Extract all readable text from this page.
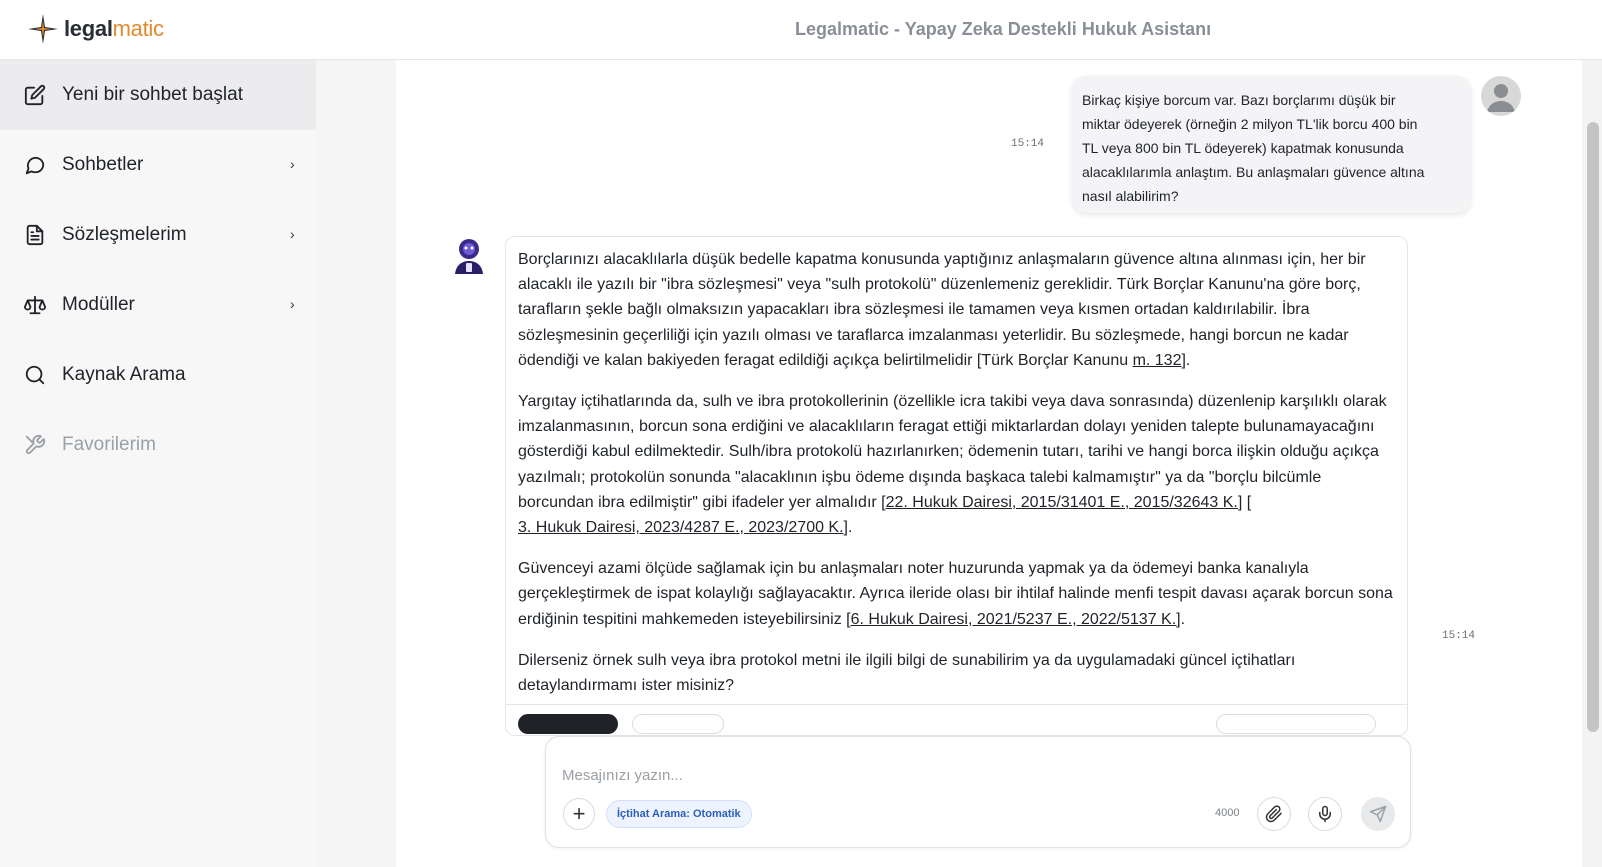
legalmatic	Legalmatic - Yapay Zeka Destekli Hukuk Asistanı
Yeni bir sohbet başlat
Sohbetler	›
Sözleşmelerim	›
Modüller	›
Kaynak Arama
Favorilerim
15:14
Birkaç kişiye borcum var. Bazı borçlarımı düşük bir
miktar ödeyerek (örneğin 2 milyon TL'lik borcu 400 bin
TL veya 800 bin TL ödeyerek) kapatmak konusunda
alacaklılarımla anlaştım. Bu anlaşmaları güvence altına
nasıl alabilirim?

Borçlarınızı alacaklılarla düşük bedelle kapatma konusunda yaptığınız anlaşmaların güvence altına alınması için, her bir alacaklı ile yazılı bir "ibra sözleşmesi" veya "sulh protokolü" düzenlemeniz gereklidir. Türk Borçlar Kanunu'na göre borç, tarafların şekle bağlı olmaksızın yapacakları ibra sözleşmesi ile tamamen veya kısmen ortadan kaldırılabilir. İbra sözleşmesinin geçerliliği için yazılı olması ve taraflarca imzalanması yeterlidir. Bu sözleşmede, hangi borcun ne kadar ödendiği ve kalan bakiyeden feragat edildiği açıkça belirtilmelidir [Türk Borçlar Kanunu m. 132].

Yargıtay içtihatlarında da, sulh ve ibra protokollerinin (özellikle icra takibi veya dava sonrasında) düzenlenip karşılıklı olarak imzalanmasının, borcun sona erdiğini ve alacaklıların feragat ettiği miktarlardan dolayı yeniden talepte bulunamayacağını gösterdiği kabul edilmektedir. Sulh/ibra protokolü hazırlanırken; ödemenin tutarı, tarihi ve hangi borca ilişkin olduğu açıkça yazılmalı; protokolün sonunda "alacaklının işbu ödeme dışında başkaca talebi kalmamıştır" ya da "borçlu bilcümle borcundan ibra edilmiştir" gibi ifadeler yer almalıdır [22. Hukuk Dairesi, 2015/31401 E., 2015/32643 K.] [
3. Hukuk Dairesi, 2023/4287 E., 2023/2700 K.].

Güvenceyi azami ölçüde sağlamak için bu anlaşmaları noter huzurunda yapmak ya da ödemeyi banka kanalıyla gerçekleştirmek de ispat kolaylığı sağlayacaktır. Ayrıca ileride olası bir ihtilaf halinde menfi tespit davası açarak borcun sona erdiğinin tespitini mahkemeden isteyebilirsiniz [6. Hukuk Dairesi, 2021/5237 E., 2022/5137 K.].

Dilerseniz örnek sulh veya ibra protokol metni ile ilgili bilgi de sunabilirim ya da uygulamadaki güncel içtihatları detaylandırmamı ister misiniz?

15:14
Mesajınızı yazın...
+	İçtihat Arama: Otomatik	4000
